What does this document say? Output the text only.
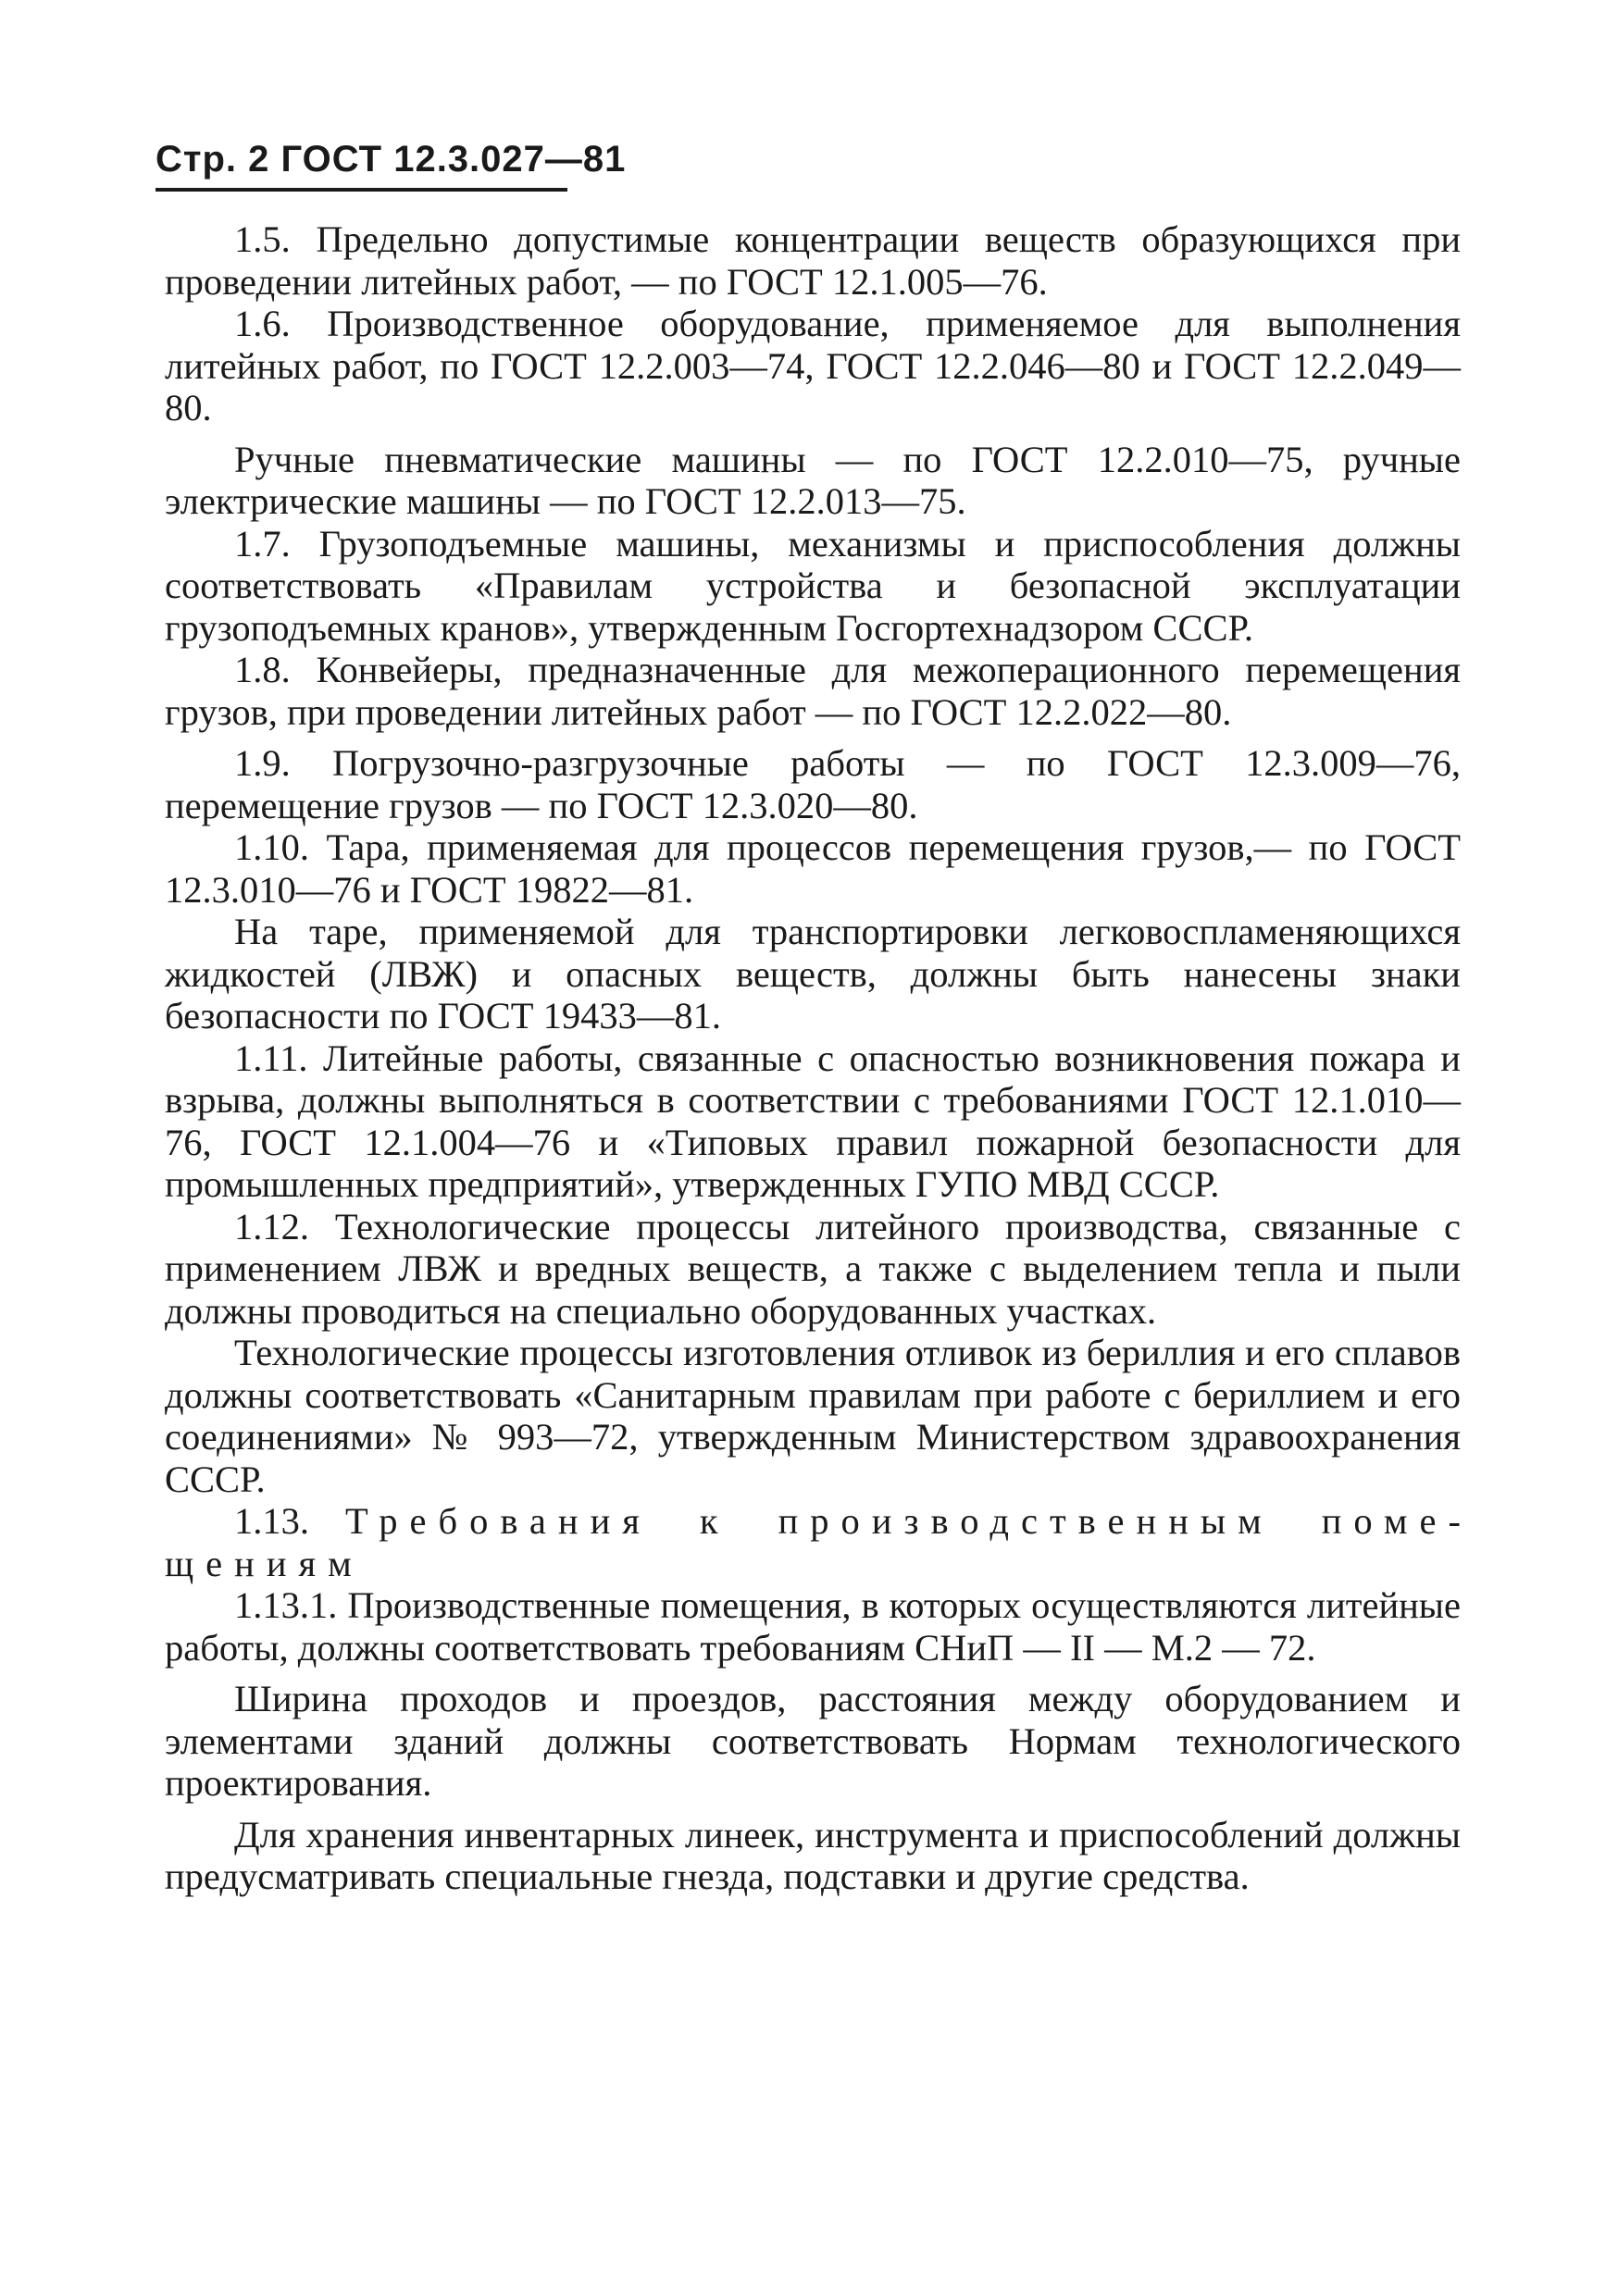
Стр. 2 ГОСТ 12.3.027—81

1.5. Предельно допустимые концентрации веществ образующихся при проведении литейных работ, — по ГОСТ 12.1.005—76.

1.6. Производственное оборудование, применяемое для выполнения литейных работ, по ГОСТ 12.2.003—74, ГОСТ 12.2.046—80 и ГОСТ 12.2.049—80.

Ручные пневматические машины — по ГОСТ 12.2.010—75, ручные электрические машины — по ГОСТ 12.2.013—75.

1.7. Грузоподъемные машины, механизмы и приспособления должны соответствовать «Правилам устройства и безопасной эксплуатации грузоподъемных кранов», утвержденным Госгортехнадзором СССР.

1.8. Конвейеры, предназначенные для межоперационного перемещения грузов, при проведении литейных работ — по ГОСТ 12.2.022—80.

1.9. Погрузочно-разгрузочные работы — по ГОСТ 12.3.009—76, перемещение грузов — по ГОСТ 12.3.020—80.

1.10. Тара, применяемая для процессов перемещения грузов,— по ГОСТ 12.3.010—76 и ГОСТ 19822—81.

На таре, применяемой для транспортировки легковоспламеняющихся жидкостей (ЛВЖ) и опасных веществ, должны быть нанесены знаки безопасности по ГОСТ 19433—81.

1.11. Литейные работы, связанные с опасностью возникновения пожара и взрыва, должны выполняться в соответствии с требованиями ГОСТ 12.1.010—76, ГОСТ 12.1.004—76 и «Типовых правил пожарной безопасности для промышленных предприятий», утвержденных ГУПО МВД СССР.

1.12. Технологические процессы литейного производства, связанные с применением ЛВЖ и вредных веществ, а также с выделением тепла и пыли должны проводиться на специально оборудованных участках.

Технологические процессы изготовления отливок из бериллия и его сплавов должны соответствовать «Санитарным правилам при работе с бериллием и его соединениями» № 993—72, утвержденным Министерством здравоохранения СССР.

1.13. Требования к производственным помещениям

1.13.1. Производственные помещения, в которых осуществляются литейные работы, должны соответствовать требованиям СНиП — II — М.2 — 72.

Ширина проходов и проездов, расстояния между оборудованием и элементами зданий должны соответствовать Нормам технологического проектирования.

Для хранения инвентарных линеек, инструмента и приспособлений должны предусматривать специальные гнезда, подставки и другие средства.
